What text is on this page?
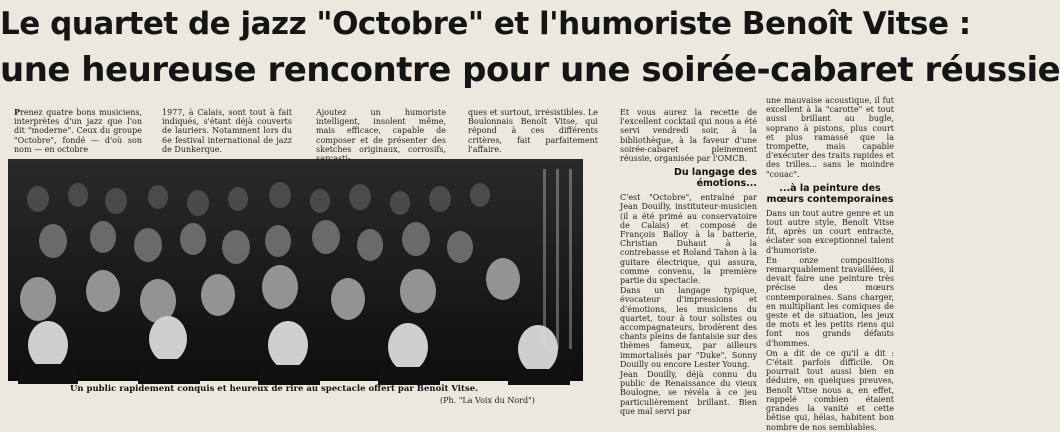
Le quartet de jazz "Octobre" et l'humoriste Benoît Vitse :
une heureuse rencontre pour une soirée-cabaret réussie

Prenez quatre bons musiciens, interprètes d'un jazz que l'on dit "moderne". Ceux du groupe "Octobre", fondé — d'où son nom — en octobre

1977, à Calais, sont tout à fait indiqués, s'étant déjà couverts de lauriers. Notamment lors du 6e festival international de jazz de Dunkerque.

Ajoutez un humoriste intelligent, insolent même, mais efficace, capable de composer et de présenter des sketches originaux, corrosifs,

ques et surtout, irrésistibles. Le Boulonnais Benoît Vitse, qui répond à ces différents critères, fait parfaitement l'affaire.

Et vous aurez la recette de l'excellent cocktail qui nous a été servi vendredi soir, à la bibliothèque, à la faveur d'une soirée-cabaret pleinement réussie, organisée par l'OMCB.

Du langage des émotions...

C'est "Octobre", entraîné par Jean Douilly, instituteur-musicien (il a été primé au conservatoire de Calais) et composé de François Balloy à la batterie, Christian Duhaut à la contrebasse et Roland Tahon à la guitare électrique, qui assura, comme convenu, la première partie du spectacle.

Dans un langage typique, évocateur d'impressions et d'émotions, les musiciens du quartet, tour à tour solistes ou accompagnateurs, brodèrent des chants pleins de fantaisie sur des thèmes fameux, par ailleurs immortalisés par "Duke", Sonny Douilly ou encore Lester Young.

Jean Douilly, déjà connu du public de Renaissance du vieux Boulogne, se révéla à ce jeu particulièrement brillant. Bien que mal servi par

une mauvaise acoustique, il fut excellent à la "carotte" et tout aussi brillant au bugle, soprano à pistons, plus court et plus ramassé que la trompette, mais capable d'exécuter des traits rapides et des trilles... sans le moindre "couac".

...à la peinture des mœurs contemporaines

Dans un tout autre genre et un tout autre style, Benoît Vitse fit, après un court entracte, éclater son exceptionnel talent d'humoriste.

En onze compositions remarquablement travaillées, il devait faire une peinture très précise des mœurs contemporaines. Sans charger, en multipliant les comiques de geste et de situation, les jeux de mots et les petits riens qui font nos grands défauts d'hommes.

On a dit de ce qu'il a dit : C'était parfois difficile. On pourrait tout aussi bien en déduire, en quelques preuves, Benoît Vitse nous a, en effet, rappelé combien étaient grandes la vanité et cette bêtise qui, hélas, habitent bon nombre de nos semblables.

Un public rapidement conquis et heureux de rire au spectacle offert par Benoît Vitse.
(Ph. "La Voix du Nord")
